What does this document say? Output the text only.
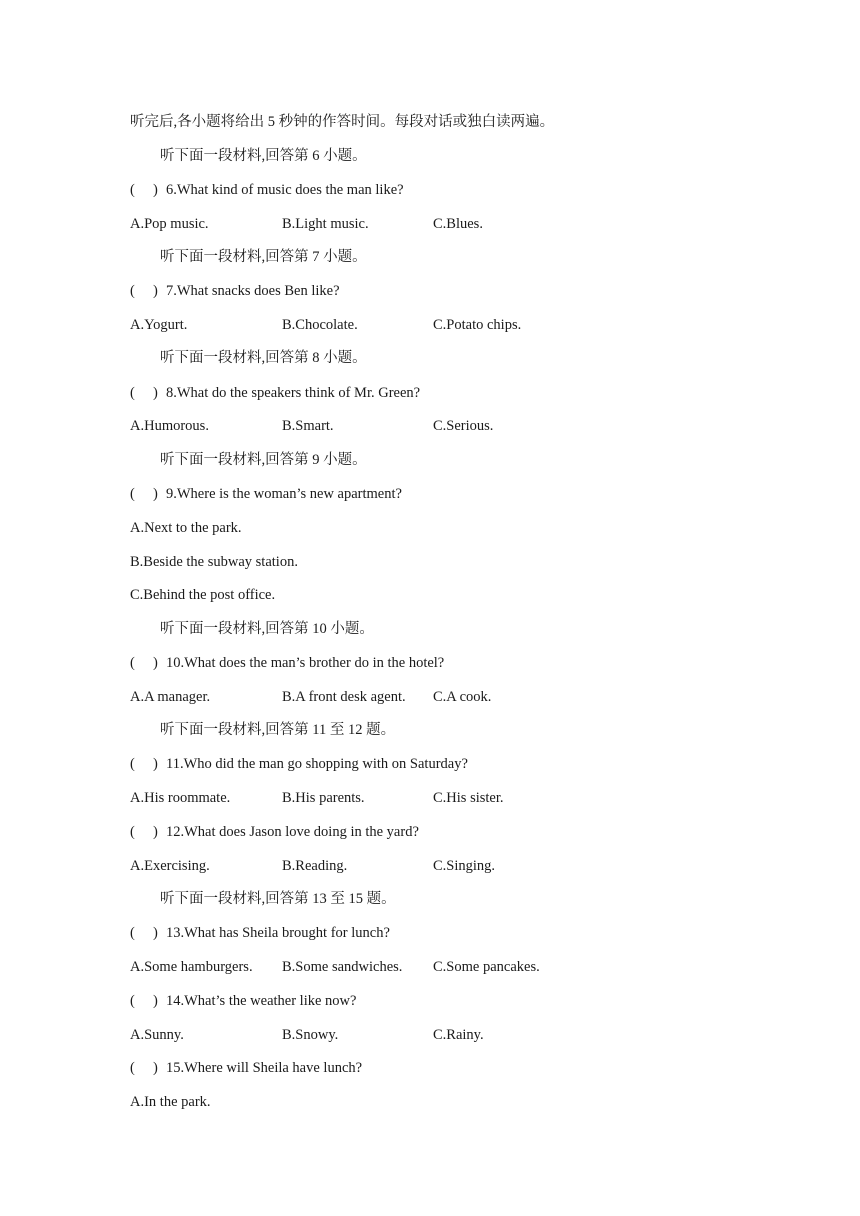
听完后,各小题将给出 5 秒钟的作答时间。每段对话或独白读两遍。
听下面一段材料,回答第 6 小题。
(　 ) 6.What kind of music does the man like?
A.Pop music.	B.Light music.	C.Blues.
听下面一段材料,回答第 7 小题。
(　 ) 7.What snacks does Ben like?
A.Yogurt.	B.Chocolate.	C.Potato chips.
听下面一段材料,回答第 8 小题。
(　 ) 8.What do the speakers think of Mr. Green?
A.Humorous.	B.Smart.	C.Serious.
听下面一段材料,回答第 9 小题。
(　 ) 9.Where is the woman’s new apartment?
A.Next to the park.
B.Beside the subway station.
C.Behind the post office.
听下面一段材料,回答第 10 小题。
(　 ) 10.What does the man’s brother do in the hotel?
A.A manager.	B.A front desk agent. C.A cook.
听下面一段材料,回答第 11 至 12 题。
(　 ) 11.Who did the man go shopping with on Saturday?
A.His roommate.	B.His parents.	C.His sister.
(　 ) 12.What does Jason love doing in the yard?
A.Exercising.	B.Reading.	C.Singing.
听下面一段材料,回答第 13 至 15 题。
(　 ) 13.What has Sheila brought for lunch?
A.Some hamburgers. B.Some sandwiches. C.Some pancakes.
(　 ) 14.What’s the weather like now?
A.Sunny.	B.Snowy.	C.Rainy.
(　 ) 15.Where will Sheila have lunch?
A.In the park.
